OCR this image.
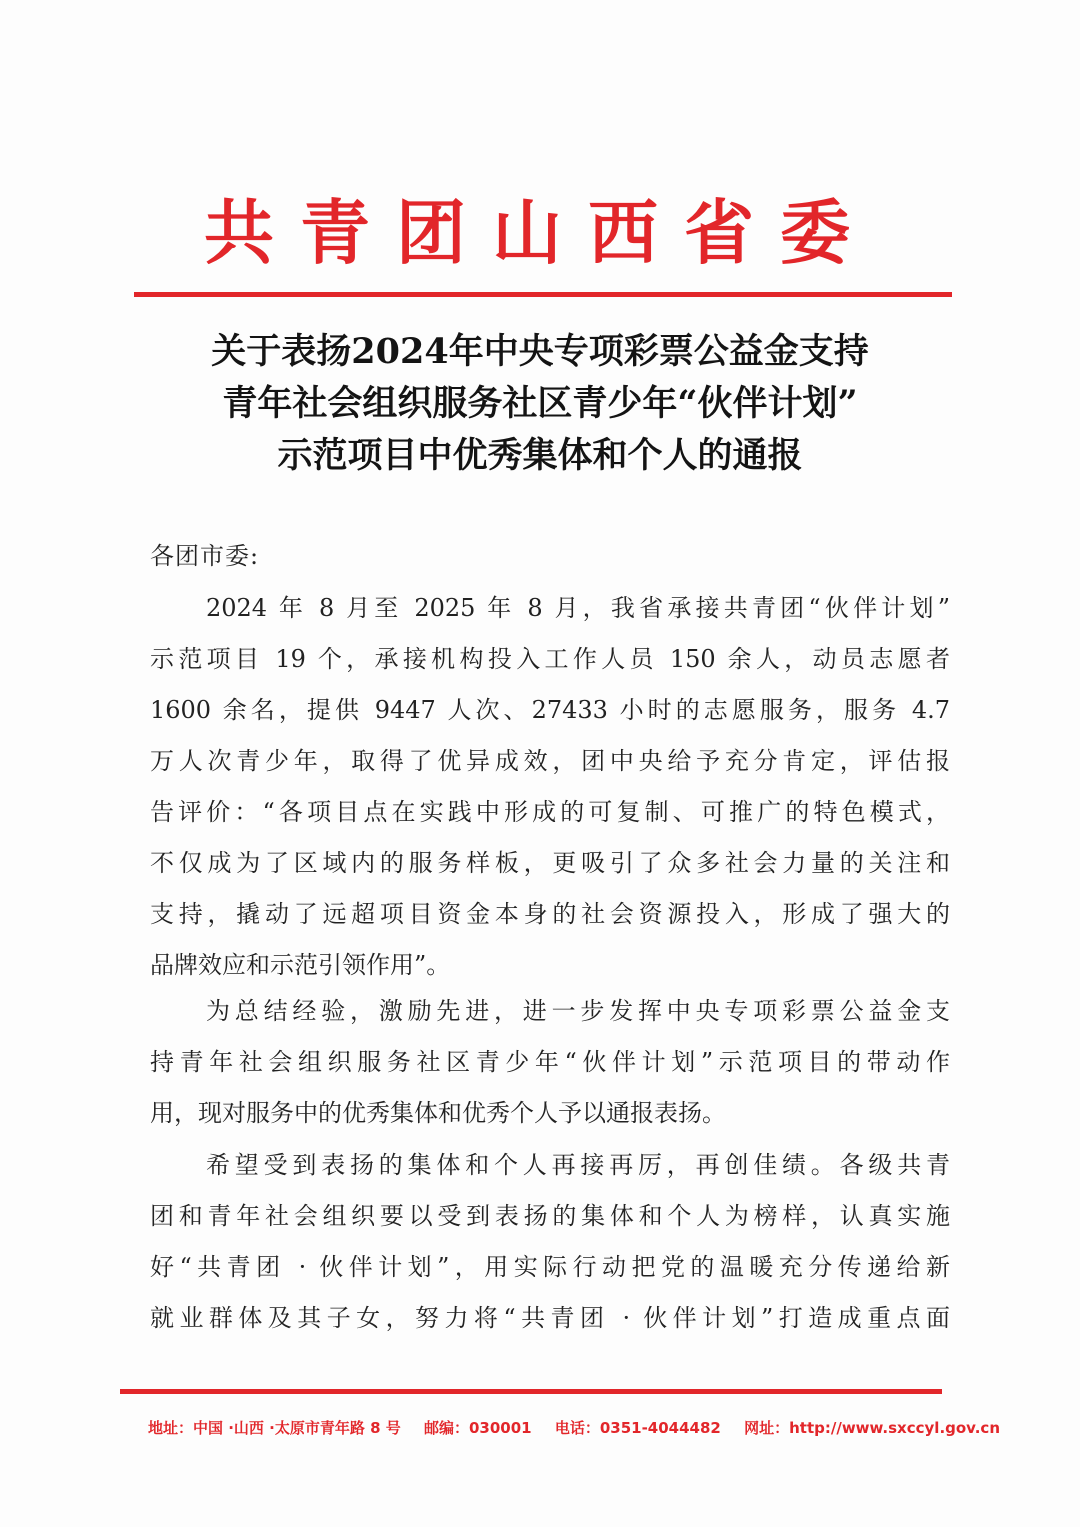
共青团山西省委
关于表扬2024年中央专项彩票公益金支持
青年社会组织服务社区青少年“伙伴计划”
示范项目中优秀集体和个人的通报

各团市委:

2024 年 8 月至 2025 年 8 月，我省承接共青团“伙伴计划”
示范项目 19 个，承接机构投入工作人员 150 余人，动员志愿者
1600 余名，提供 9447 人次、27433 小时的志愿服务，服务 4.7
万人次青少年，取得了优异成效，团中央给予充分肯定，评估报
告评价：“各项目点在实践中形成的可复制、可推广的特色模式，
不仅成为了区域内的服务样板，更吸引了众多社会力量的关注和
支持，撬动了远超项目资金本身的社会资源投入，形成了强大的
品牌效应和示范引领作用”。
为总结经验，激励先进，进一步发挥中央专项彩票公益金支
持青年社会组织服务社区青少年“伙伴计划”示范项目的带动作
用，现对服务中的优秀集体和优秀个人予以通报表扬。
希望受到表扬的集体和个人再接再厉，再创佳绩。各级共青
团和青年社会组织要以受到表扬的集体和个人为榜样，认真实施
好“共青团 · 伙伴计划”，用实际行动把党的温暖充分传递给新
就业群体及其子女，努力将“共青团 · 伙伴计划”打造成重点面
地址：中国 ·山西 ·太原市青年路 8 号 邮编：030001 电话：0351-4044482 网址：http://www.sxccyl.gov.cn
